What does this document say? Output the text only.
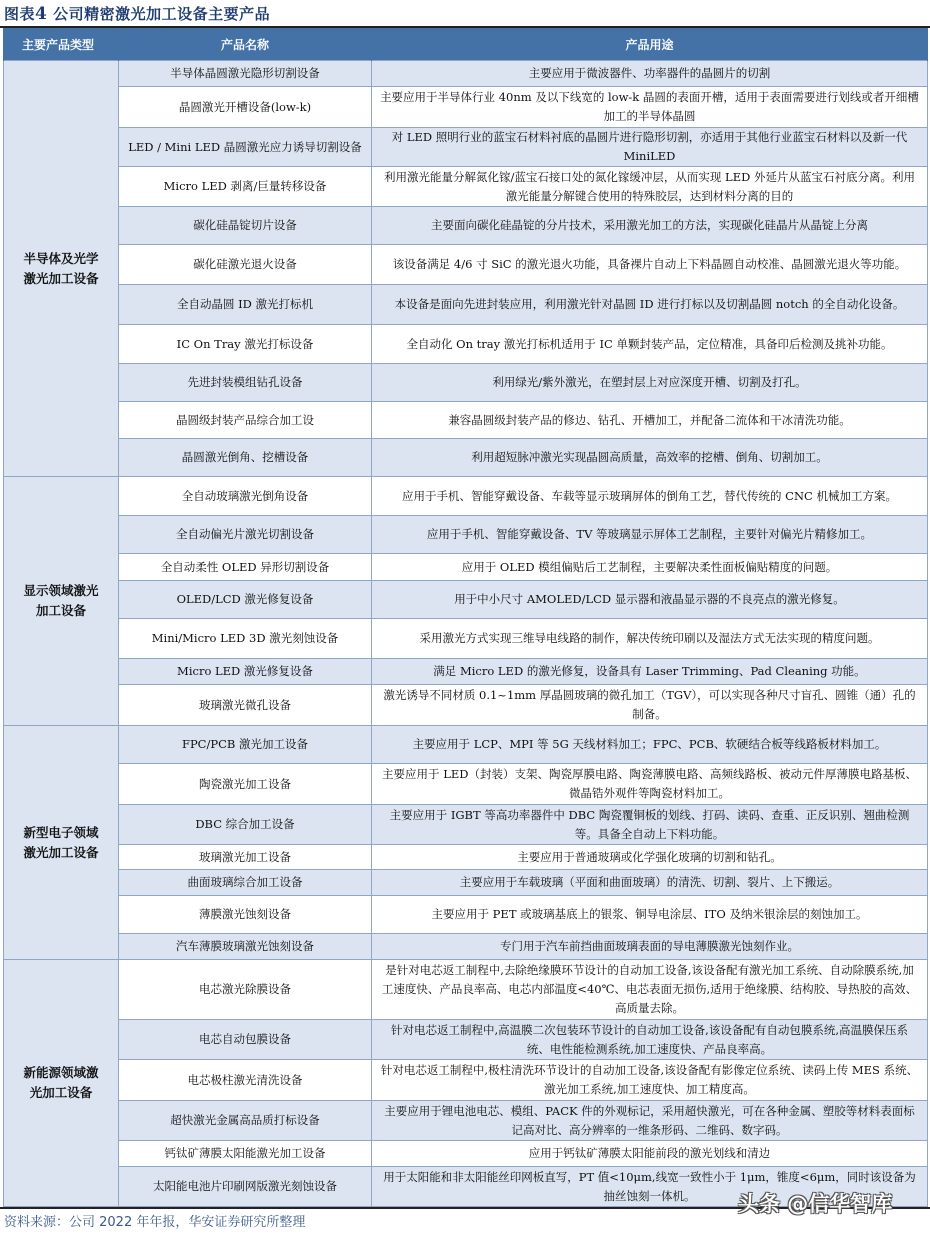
图表4 公司精密激光加工设备主要产品
主要产品类型	产品名称	产品用途
半导体及光学激光加工设备	半导体晶圆激光隐形切割设备	主要应用于微波器件、功率器件的晶圆片的切割
	晶圆激光开槽设备(low-k)	主要应用于半导体行业 40nm 及以下线宽的 low-k 晶圆的表面开槽，适用于表面需要进行划线或者开细槽加工的半导体晶圆
	LED / Mini LED 晶圆激光应力诱导切割设备	对 LED 照明行业的蓝宝石材料衬底的晶圆片进行隐形切割，亦适用于其他行业蓝宝石材料以及新一代 MiniLED
	Micro LED 剥离/巨量转移设备	利用激光能量分解氮化镓/蓝宝石接口处的氮化镓缓冲层，从而实现 LED 外延片从蓝宝石衬底分离。利用激光能量分解键合使用的特殊胶层，达到材料分离的目的
	碳化硅晶锭切片设备	主要面向碳化硅晶锭的分片技术，采用激光加工的方法，实现碳化硅晶片从晶锭上分离
	碳化硅激光退火设备	该设备满足 4/6 寸 SiC 的激光退火功能，具备裸片自动上下料晶圆自动校准、晶圆激光退火等功能。
	全自动晶圆 ID 激光打标机	本设备是面向先进封装应用，利用激光针对晶圆 ID 进行打标以及切割晶圆 notch 的全自动化设备。
	IC On Tray 激光打标设备	全自动化 On tray 激光打标机适用于 IC 单颗封装产品，定位精准，具备印后检测及挑补功能。
	先进封装模组钻孔设备	利用绿光/紫外激光，在塑封层上对应深度开槽、切割及打孔。
	晶圆级封装产品综合加工设	兼容晶圆级封装产品的修边、钻孔、开槽加工，并配备二流体和干冰清洗功能。
	晶圆激光倒角、挖槽设备	利用超短脉冲激光实现晶圆高质量，高效率的挖槽、倒角、切割加工。
显示领域激光加工设备	全自动玻璃激光倒角设备	应用于手机、智能穿戴设备、车载等显示玻璃屏体的倒角工艺，替代传统的 CNC 机械加工方案。
	全自动偏光片激光切割设备	应用于手机、智能穿戴设备、TV 等玻璃显示屏体工艺制程，主要针对偏光片精修加工。
	全自动柔性 OLED 异形切割设备	应用于 OLED 模组偏贴后工艺制程，主要解决柔性面板偏贴精度的问题。
	OLED/LCD 激光修复设备	用于中小尺寸 AMOLED/LCD 显示器和液晶显示器的不良亮点的激光修复。
	Mini/Micro LED 3D 激光刻蚀设备	采用激光方式实现三维导电线路的制作，解决传统印刷以及湿法方式无法实现的精度问题。
	Micro LED 激光修复设备	满足 Micro LED 的激光修复，设备具有 Laser Trimming、Pad Cleaning 功能。
	玻璃激光微孔设备	激光诱导不同材质 0.1~1mm 厚晶圆玻璃的微孔加工（TGV），可以实现各种尺寸盲孔、圆锥（通）孔的制备。
新型电子领域激光加工设备	FPC/PCB 激光加工设备	主要应用于 LCP、MPI 等 5G 天线材料加工；FPC、PCB、软硬结合板等线路板材料加工。
	陶瓷激光加工设备	主要应用于 LED（封装）支架、陶瓷厚膜电路、陶瓷薄膜电路、高频线路板、被动元件厚薄膜电路基板、微晶锆外观件等陶瓷材料加工。
	DBC 综合加工设备	主要应用于 IGBT 等高功率器件中 DBC 陶瓷覆铜板的划线、打码、读码、查重、正反识别、翘曲检测等。具备全自动上下料功能。
	玻璃激光加工设备	主要应用于普通玻璃或化学强化玻璃的切割和钻孔。
	曲面玻璃综合加工设备	主要应用于车载玻璃（平面和曲面玻璃）的清洗、切割、裂片、上下搬运。
	薄膜激光蚀刻设备	主要应用于 PET 或玻璃基底上的银浆、铜导电涂层、ITO 及纳米银涂层的刻蚀加工。
	汽车薄膜玻璃激光蚀刻设备	专门用于汽车前挡曲面玻璃表面的导电薄膜激光蚀刻作业。
新能源领域激光加工设备	电芯激光除膜设备	是针对电芯返工制程中,去除绝缘膜环节设计的自动加工设备,该设备配有激光加工系统、自动除膜系统,加工速度快、产品良率高、电芯内部温度<40℃、电芯表面无损伤,适用于绝缘膜、结构胶、导热胶的高效、高质量去除。
	电芯自动包膜设备	针对电芯返工制程中,高温膜二次包装环节设计的自动加工设备,该设备配有自动包膜系统,高温膜保压系统、电性能检测系统,加工速度快、产品良率高。
	电芯极柱激光清洗设备	针对电芯返工制程中,极柱清洗环节设计的自动加工设备,该设备配有影像定位系统、读码上传 MES 系统、激光加工系统,加工速度快、加工精度高。
	超快激光金属高品质打标设备	主要应用于锂电池电芯、模组、PACK 件的外观标记，采用超快激光，可在各种金属、塑胶等材料表面标记高对比、高分辨率的一维条形码、二维码、数字码。
	钙钛矿薄膜太阳能激光加工设备	应用于钙钛矿薄膜太阳能前段的激光划线和清边
	太阳能电池片印刷网版激光刻蚀设备	用于太阳能和非太阳能丝印网板直写，PT 值<10μm,线宽一致性小于 1μm，锥度<6μm，同时该设备为抽丝蚀刻一体机。
资料来源：公司 2022 年年报，华安证券研究所整理
头条 @信华智库
